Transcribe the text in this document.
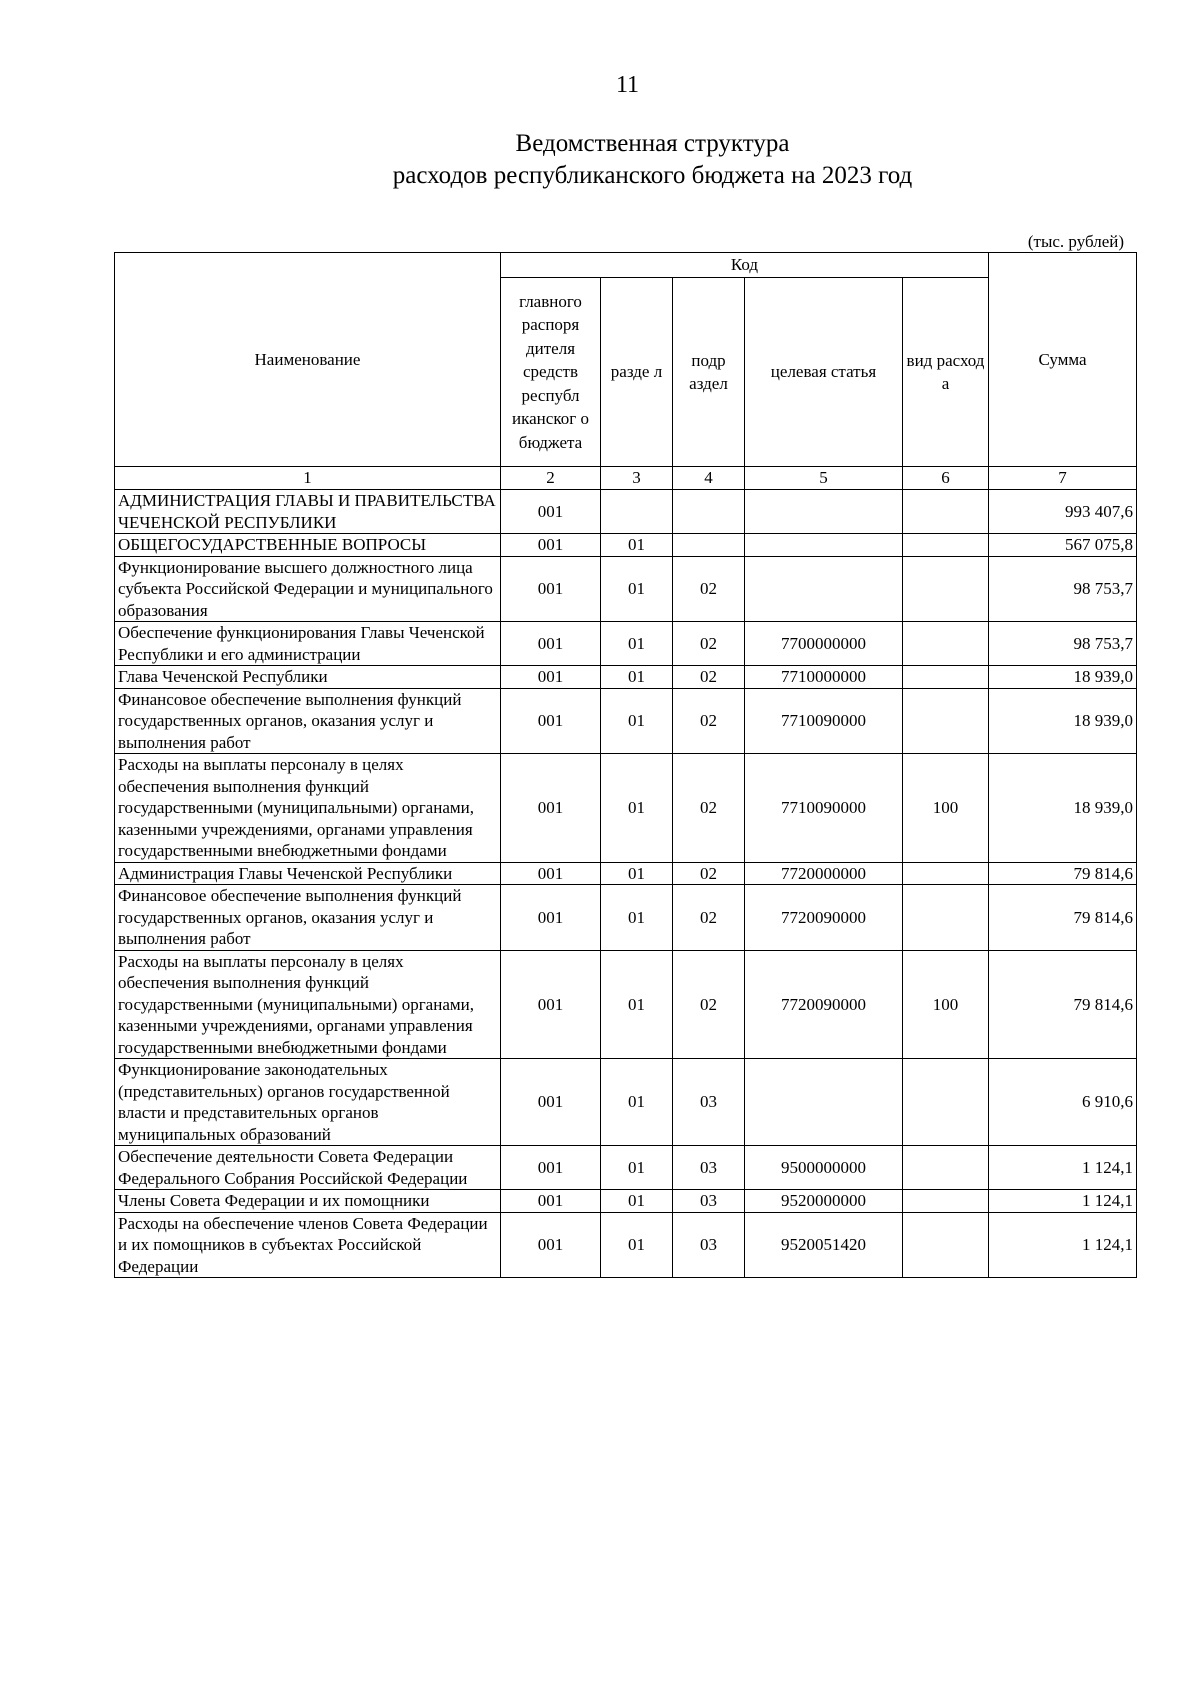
11
Ведомственная структура
расходов республиканского бюджета на 2023 год
(тыс. рублей)
Наименование	Код					Сумма
	главного распоря дителя средств республ иканског о бюджета	разде л	подр аздел	целевая статья	вид расход а	
1	2	3	4	5	6	7
АДМИНИСТРАЦИЯ ГЛАВЫ И ПРАВИТЕЛЬСТВА ЧЕЧЕНСКОЙ РЕСПУБЛИКИ	001					993 407,6
ОБЩЕГОСУДАРСТВЕННЫЕ ВОПРОСЫ	001	01				567 075,8
Функционирование высшего должностного лица субъекта Российской Федерации и муниципального образования	001	01	02			98 753,7
Обеспечение функционирования Главы Чеченской Республики и его администрации	001	01	02	7700000000		98 753,7
Глава Чеченской Республики	001	01	02	7710000000		18 939,0
Финансовое обеспечение выполнения функций государственных органов, оказания услуг и выполнения работ	001	01	02	7710090000		18 939,0
Расходы на выплаты персоналу в целях обеспечения выполнения функций государственными (муниципальными) органами, казенными учреждениями, органами управления государственными внебюджетными фондами	001	01	02	7710090000	100	18 939,0
Администрация Главы Чеченской Республики	001	01	02	7720000000		79 814,6
Финансовое обеспечение выполнения функций государственных органов, оказания услуг и выполнения работ	001	01	02	7720090000		79 814,6
Расходы на выплаты персоналу в целях обеспечения выполнения функций государственными (муниципальными) органами, казенными учреждениями, органами управления государственными внебюджетными фондами	001	01	02	7720090000	100	79 814,6
Функционирование законодательных (представительных) органов государственной власти и представительных органов муниципальных образований	001	01	03			6 910,6
Обеспечение деятельности Совета Федерации Федерального Собрания Российской Федерации	001	01	03	9500000000		1 124,1
Члены Совета Федерации и их помощники	001	01	03	9520000000		1 124,1
Расходы на обеспечение членов Совета Федерации и их помощников в субъектах Российской Федерации	001	01	03	9520051420		1 124,1
